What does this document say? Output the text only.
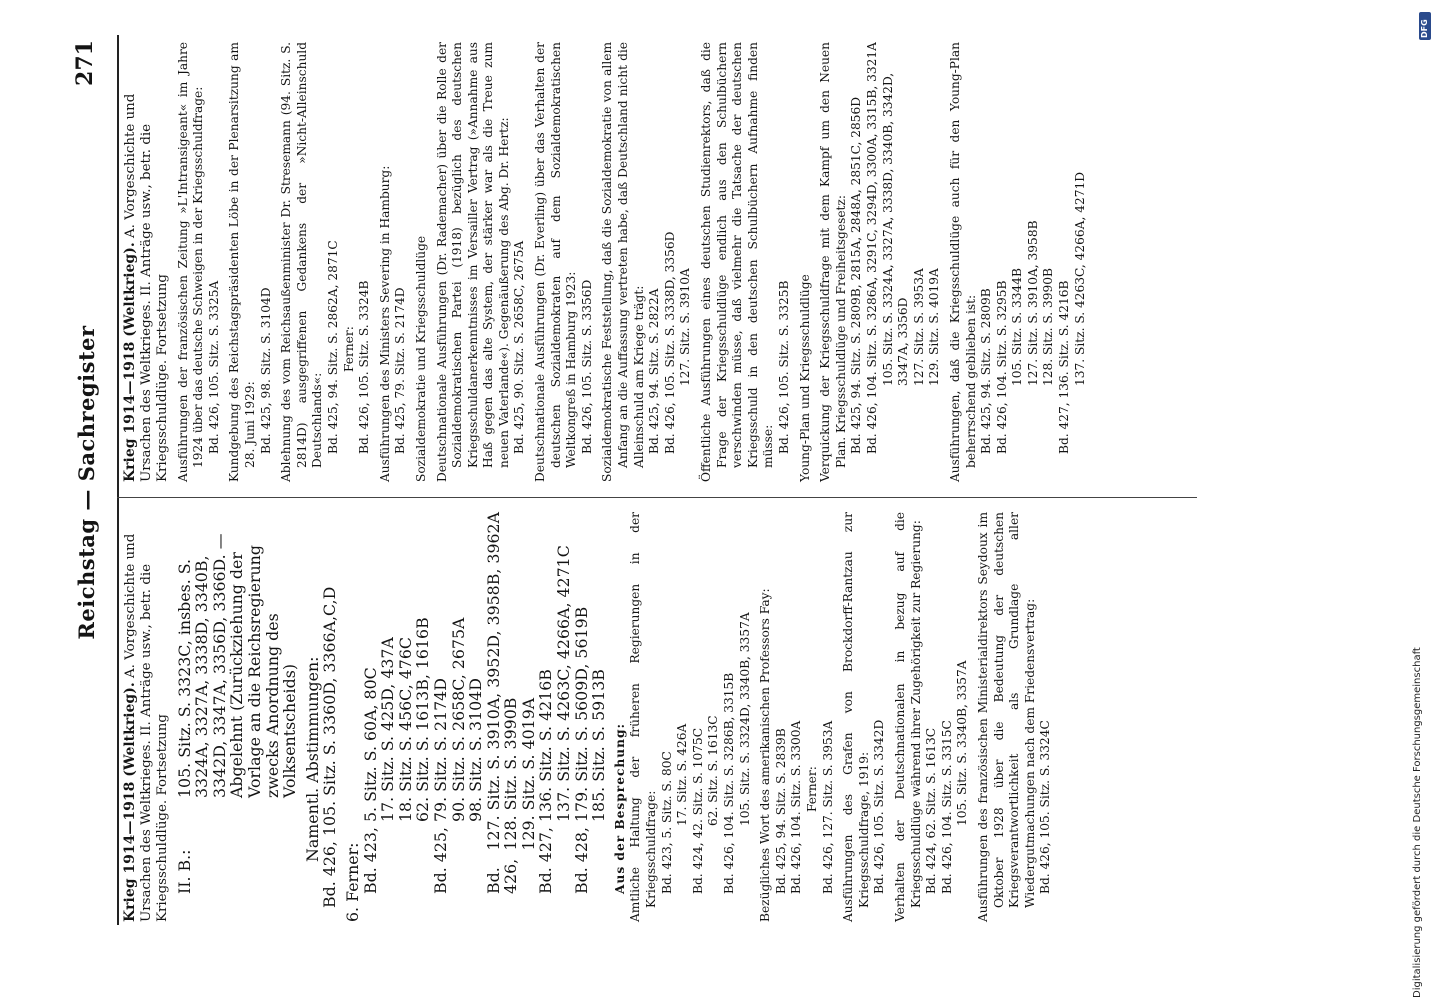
Reichstag — Sachregister
271
Krieg 1914—1918 (Weltkrieg). A. Vorgeschichte und Ursachen des Weltkrieges. II. Anträge usw., betr. die Kriegsschuldlüge. Fortsetzung II. B.:
105. Sitz. S. 3323C, insbes. S. 3324A, 3327A, 3338D, 3340B, 3342D, 3347A, 3356D, 3366D. — Abgelehnt (Zurückziehung der Vorlage an die Reichsregierung zwecks Anordnung des Volksentscheids) Namentl. Abstimmungen:
Bd. 426, 105. Sitz. S. 3360D, 3366A,C,D 6. Ferner:
Bd. 423,
5. Sitz. S. 60A, 80C
17. Sitz. S. 425D, 437A
18. Sitz. S. 456C, 476C
62. Sitz. S. 1613B, 1616B
Bd. 425,
79. Sitz. S. 2174D
90. Sitz. S. 2658C, 2675A
98. Sitz. S. 3104D
Bd. 426,
127. Sitz. S. 3910A, 3952D, 3958B, 3962A
128. Sitz. S. 3990B
129. Sitz. S. 4019A
Bd. 427,
136. Sitz. S. 4216B
137. Sitz. S. 4263C, 4266A, 4271C
Bd. 428,
179. Sitz. S. 5609D, 5619B
185. Sitz. S. 5913B Aus der Besprechung: Amtliche Haltung der früheren Regierungen in der Kriegsschuldfrage: Bd. 423, 5. Sitz. S. 80C 17. Sitz. S. 426A Bd. 424, 42. Sitz. S. 1075C 62. Sitz. S. 1613C Bd. 426, 104. Sitz. S. 3286B, 3315B 105. Sitz. S. 3324D, 3340B, 3357A Bezügliches Wort des amerikanischen Professors Fay: Bd. 425, 94. Sitz. S. 2839B Bd. 426, 104. Sitz. S. 3300A Ferner: Bd. 426, 127. Sitz. S. 3953A Ausführungen des Grafen von Brockdorff-Rantzau zur Kriegsschuldfrage, 1919: Bd. 426, 105. Sitz. S. 3342D Verhalten der Deutschnationalen in bezug auf die Kriegsschuldlüge während ihrer Zugehörigkeit zur Regierung: Bd. 424, 62. Sitz. S. 1613C Bd. 426, 104. Sitz. S. 3315C 105. Sitz. S. 3340B, 3357A Ausführungen des französischen Ministerialdirektors Seydoux im Oktober 1928 über die Bedeutung der deutschen Kriegsverantwortlichkeit als Grundlage aller Wiedergutmachungen nach dem Friedensvertrag: Bd. 426, 105. Sitz. S. 3324C
Krieg 1914—1918 (Weltkrieg). A. Vorgeschichte und Ursachen des Weltkrieges. II. Anträge usw., betr. die Kriegsschuldlüge. Fortsetzung Ausführungen der französischen Zeitung »L'Intransigeant« im Jahre 1924 über das deutsche Schweigen in der Kriegsschuldfrage: Bd. 426, 105. Sitz. S. 3325A Kundgebung des Reichstagspräsidenten Löbe in der Plenarsitzung am 28. Juni 1929: Bd. 425, 98. Sitz. S. 3104D Ablehnung des vom Reichsaußenminister Dr. Stresemann (94. Sitz. S. 2814D) ausgegriffenen Gedankens der »Nicht-Alleinschuld Deutschlands«: Bd. 425, 94. Sitz. S. 2862A, 2871C Ferner: Bd. 426, 105. Sitz. S. 3324B Ausführungen des Ministers Severing in Hamburg: Bd. 425, 79. Sitz. S. 2174D Sozialdemokratie und Kriegsschuldlüge Deutschnationale Ausführungen (Dr. Rademacher) über die Rolle der Sozialdemokratischen Partei (1918) bezüglich des deutschen Kriegsschuldanerkenntnisses im Versailler Vertrag (»Annahme aus Haß gegen das alte System, der stärker war als die Treue zum neuen Vaterlande«). Gegenäußerung des Abg. Dr. Hertz: Bd. 425, 90. Sitz. S. 2658C, 2675A Deutschnationale Ausführungen (Dr. Everling) über das Verhalten der deutschen Sozialdemokraten auf dem Sozialdemokratischen Weltkongreß in Hamburg 1923: Bd. 426, 105. Sitz. S. 3356D Sozialdemokratische Feststellung, daß die Sozialdemokratie von allem Anfang an die Auffassung vertreten habe, daß Deutschland nicht die Alleinschuld am Kriege trägt: Bd. 425, 94. Sitz. S. 2822A Bd. 426, 105. Sitz. S. 3338D, 3356D 127. Sitz. S. 3910A Öffentliche Ausführungen eines deutschen Studienrektors, daß die Frage der Kriegsschuldlüge endlich aus den Schulbüchern verschwinden müsse, daß vielmehr die Tatsache der deutschen Kriegsschuld in den deutschen Schulbüchern Aufnahme finden müsse: Bd. 426, 105. Sitz. S. 3325B Young-Plan und Kriegsschuldlüge Verquickung der Kriegsschuldfrage mit dem Kampf um den Neuen Plan. Kriegsschuldlüge und Freiheitsgesetz: Bd. 425, 94. Sitz. S. 2809B, 2815A, 2848A, 2851C, 2856D Bd. 426, 104. Sitz. S. 3286A, 3291C, 3294D, 3300A, 3315B, 3321A 105. Sitz. S. 3324A, 3327A, 3338D, 3340B, 3342D, 3347A, 3356D 127. Sitz. S. 3953A 129. Sitz. S. 4019A Ausführungen, daß die Kriegsschuldlüge auch für den Young-Plan beherrschend geblieben ist: Bd. 425, 94. Sitz. S. 2809B Bd. 426, 104. Sitz. S. 3295B 105. Sitz. S. 3344B 127. Sitz. S. 3910A, 3958B 128. Sitz. S. 3990B Bd. 427, 136. Sitz. S. 4216B 137. Sitz. S. 4263C, 4266A, 4271D
Digitalisierung gefördert durch die Deutsche Forschungsgemeinschaft
DFG
